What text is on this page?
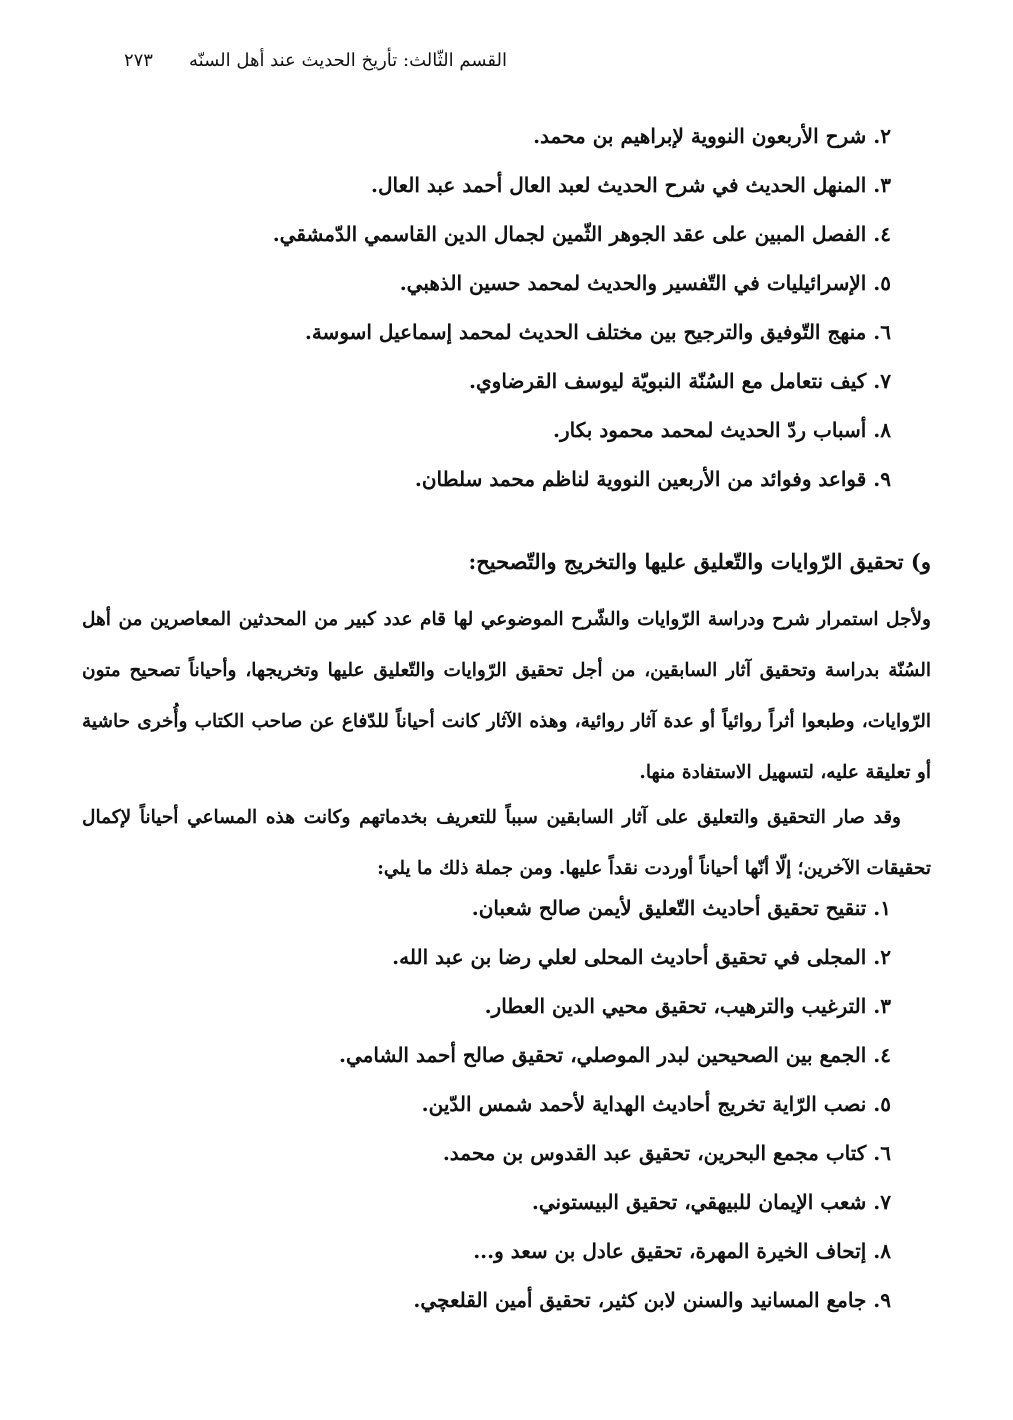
القسم الثّالث: تأريخ الحديث عند أهل السنّه
٢٧٣
٢. شرح الأربعون النووية لإبراهيم بن محمد.
٣. المنهل الحديث في شرح الحديث لعبد العال أحمد عبد العال.
٤. الفصل المبين على عقد الجوهر الثّمين لجمال الدين القاسمي الدّمشقي.
٥. الإسرائيليات في التّفسير والحديث لمحمد حسين الذهبي.
٦. منهج التّوفيق والترجيح بين مختلف الحديث لمحمد إسماعيل اسوسة.
٧. كيف نتعامل مع السُنّة النبويّة ليوسف القرضاوي.
٨. أسباب ردّ الحديث لمحمد محمود بكار.
٩. قواعد وفوائد من الأربعين النووية لناظم محمد سلطان.
و) تحقيق الرّوايات والتّعليق عليها والتخريج والتّصحيح:

ولأجل استمرار شرح ودراسة الرّوايات والشّرح الموضوعي لها قام عدد كبير من المحدثين المعاصرين من أهل السُنّة بدراسة وتحقيق آثار السابقين، من أجل تحقيق الرّوايات والتّعليق عليها وتخريجها، وأحياناً تصحيح متون الرّوايات، وطبعوا أثراً روائياً أو عدة آثار روائية، وهذه الآثار كانت أحياناً للدّفاع عن صاحب الكتاب وأُخرى حاشية أو تعليقة عليه، لتسهيل الاستفادة منها.

وقد صار التحقيق والتعليق على آثار السابقين سبباً للتعريف بخدماتهم وكانت هذه المساعي أحياناً لإكمال تحقيقات الآخرين؛ إلّا أنّها أحياناً أوردت نقداً عليها. ومن جملة ذلك ما يلي:

١. تنقيح تحقيق أحاديث التّعليق لأيمن صالح شعبان.
٢. المجلى في تحقيق أحاديث المحلى لعلي رضا بن عبد الله.
٣. الترغيب والترهيب، تحقيق محيي الدين العطار.
٤. الجمع بين الصحيحين لبدر الموصلي، تحقيق صالح أحمد الشامي.
٥. نصب الرّاية تخريج أحاديث الهداية لأحمد شمس الدّين.
٦. كتاب مجمع البحرين، تحقيق عبد القدوس بن محمد.
٧. شعب الإيمان للبيهقي، تحقيق البيستوني.
٨. إتحاف الخيرة المهرة، تحقيق عادل بن سعد و...
٩. جامع المسانيد والسنن لابن كثير، تحقيق أمين القلعچي.
